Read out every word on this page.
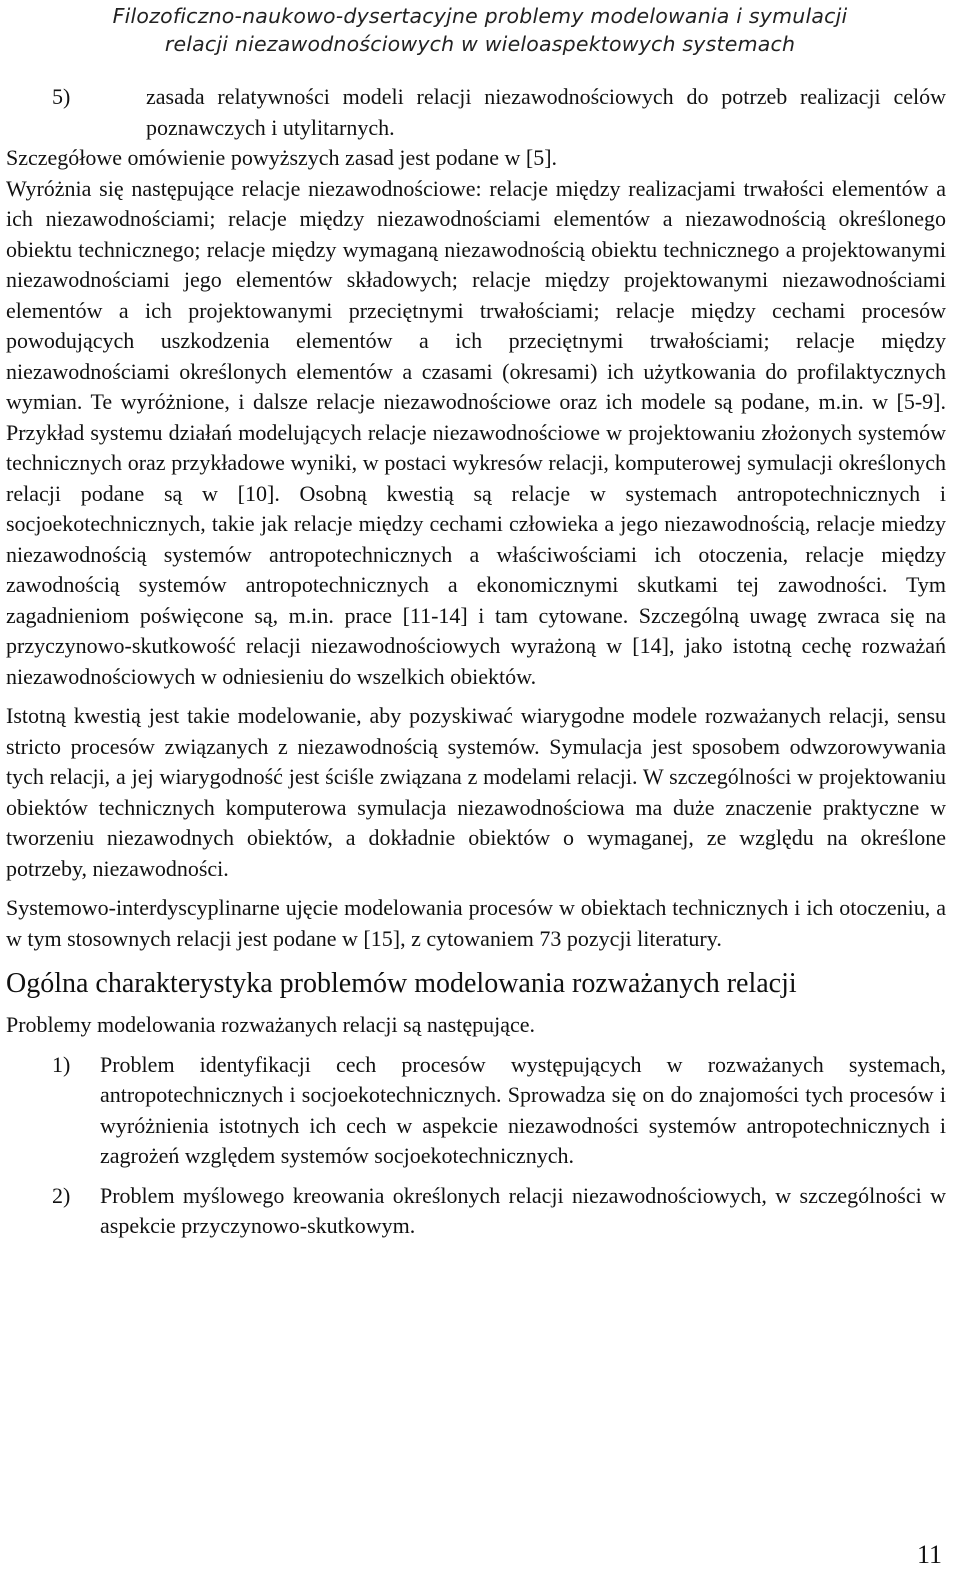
Filozoficzno-naukowo-dysertacyjne problemy modelowania i symulacji
relacji niezawodnościowych w wieloaspektowych systemach
5)	zasada relatywności modeli relacji niezawodnościowych do potrzeb realizacji celów poznawczych i utylitarnych.

Szczegółowe omówienie powyższych zasad jest podane w [5].

Wyróżnia się następujące relacje niezawodnościowe: relacje między realizacjami trwałości elementów a ich niezawodnościami; relacje między niezawodnościami elementów a niezawodnością określonego obiektu technicznego; relacje między wymaganą niezawodnością obiektu technicznego a projektowanymi niezawodnościami jego elementów składowych; relacje między projektowanymi niezawodnościami elementów a ich projektowanymi przeciętnymi trwałościami; relacje między cechami procesów powodujących uszkodzenia elementów a ich przeciętnymi trwałościami; relacje między niezawodnościami określonych elementów a czasami (okresami) ich użytkowania do profilaktycznych wymian. Te wyróżnione, i dalsze relacje niezawodnościowe oraz ich modele są podane, m.in. w [5-9]. Przykład systemu działań modelujących relacje niezawodnościowe w projektowaniu złożonych systemów technicznych oraz przykładowe wyniki, w postaci wykresów relacji, komputerowej symulacji określonych relacji podane są w [10]. Osobną kwestią są relacje w systemach antropotechnicznych i socjoekotechnicznych, takie jak relacje między cechami człowieka a jego niezawodnością, relacje miedzy niezawodnością systemów antropotechnicznych a właściwościami ich otoczenia, relacje między zawodnością systemów antropotechnicznych a ekonomicznymi skutkami tej zawodności. Tym zagadnieniom poświęcone są, m.in. prace [11-14] i tam cytowane. Szczególną uwagę zwraca się na przyczynowo-skutkowość relacji niezawodnościowych wyrażoną w [14], jako istotną cechę rozważań niezawodnościowych w odniesieniu do wszelkich obiektów.

Istotną kwestią jest takie modelowanie, aby pozyskiwać wiarygodne modele rozważanych relacji, sensu stricto procesów związanych z niezawodnością systemów. Symulacja jest sposobem odwzorowywania tych relacji, a jej wiarygodność jest ściśle związana z modelami relacji. W szczególności w projektowaniu obiektów technicznych komputerowa symulacja niezawodnościowa ma duże znaczenie praktyczne w tworzeniu niezawodnych obiektów, a dokładnie obiektów o wymaganej, ze względu na określone potrzeby, niezawodności.

Systemowo-interdyscyplinarne ujęcie modelowania procesów w obiektach technicznych i ich otoczeniu, a w tym stosownych relacji jest podane w [15], z cytowaniem 73 pozycji literatury.

Ogólna charakterystyka problemów modelowania rozważanych relacji

Problemy modelowania rozważanych relacji są następujące.

1)	Problem identyfikacji cech procesów występujących w rozważanych systemach, antropotechnicznych i socjoekotechnicznych. Sprowadza się on do znajomości tych procesów i wyróżnienia istotnych ich cech w aspekcie niezawodności systemów antropotechnicznych i zagrożeń względem systemów socjoekotechnicznych.
2)	Problem myślowego kreowania określonych relacji niezawodnościowych, w szczególności w aspekcie przyczynowo-skutkowym.
11
